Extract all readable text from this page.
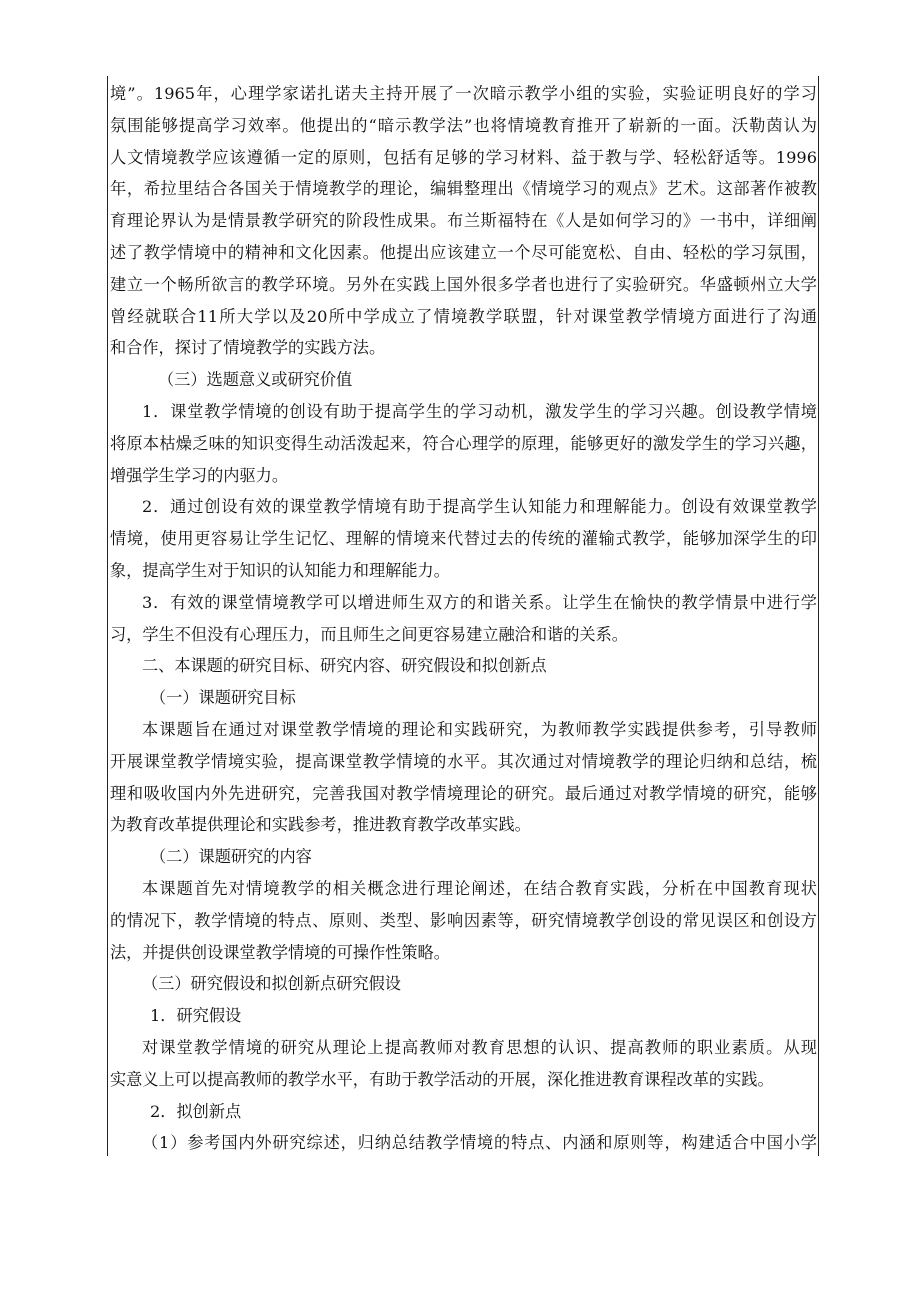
境”。1965年，心理学家诺扎诺夫主持开展了一次暗示教学小组的实验，实验证明良好的学习
氛围能够提高学习效率。他提出的“暗示教学法”也将情境教育推开了崭新的一面。沃勒茵认为
人文情境教学应该遵循一定的原则，包括有足够的学习材料、益于教与学、轻松舒适等。1996
年，希拉里结合各国关于情境教学的理论，编辑整理出《情境学习的观点》艺术。这部著作被教
育理论界认为是情景教学研究的阶段性成果。布兰斯福特在《人是如何学习的》一书中，详细阐
述了教学情境中的精神和文化因素。他提出应该建立一个尽可能宽松、自由、轻松的学习氛围，
建立一个畅所欲言的教学环境。另外在实践上国外很多学者也进行了实验研究。华盛顿州立大学
曾经就联合11所大学以及20所中学成立了情境教学联盟，针对课堂教学情境方面进行了沟通
和合作，探讨了情境教学的实践方法。
（三）选题意义或研究价值
1．课堂教学情境的创设有助于提高学生的学习动机，激发学生的学习兴趣。创设教学情境
将原本枯燥乏味的知识变得生动活泼起来，符合心理学的原理，能够更好的激发学生的学习兴趣，
增强学生学习的内驱力。
2．通过创设有效的课堂教学情境有助于提高学生认知能力和理解能力。创设有效课堂教学
情境，使用更容易让学生记忆、理解的情境来代替过去的传统的灌输式教学，能够加深学生的印
象，提高学生对于知识的认知能力和理解能力。
3．有效的课堂情境教学可以增进师生双方的和谐关系。让学生在愉快的教学情景中进行学
习，学生不但没有心理压力，而且师生之间更容易建立融洽和谐的关系。
二、本课题的研究目标、研究内容、研究假设和拟创新点
（一）课题研究目标
本课题旨在通过对课堂教学情境的理论和实践研究，为教师教学实践提供参考，引导教师
开展课堂教学情境实验，提高课堂教学情境的水平。其次通过对情境教学的理论归纳和总结，梳
理和吸收国内外先进研究，完善我国对教学情境理论的研究。最后通过对教学情境的研究，能够
为教育改革提供理论和实践参考，推进教育教学改革实践。
（二）课题研究的内容
本课题首先对情境教学的相关概念进行理论阐述，在结合教育实践，分析在中国教育现状
的情况下，教学情境的特点、原则、类型、影响因素等，研究情境教学创设的常见误区和创设方
法，并提供创设课堂教学情境的可操作性策略。
（三）研究假设和拟创新点研究假设
1．研究假设
对课堂教学情境的研究从理论上提高教师对教育思想的认识、提高教师的职业素质。从现
实意义上可以提高教师的教学水平，有助于教学活动的开展，深化推进教育课程改革的实践。
2．拟创新点
（1）参考国内外研究综述，归纳总结教学情境的特点、内涵和原则等，构建适合中国小学
